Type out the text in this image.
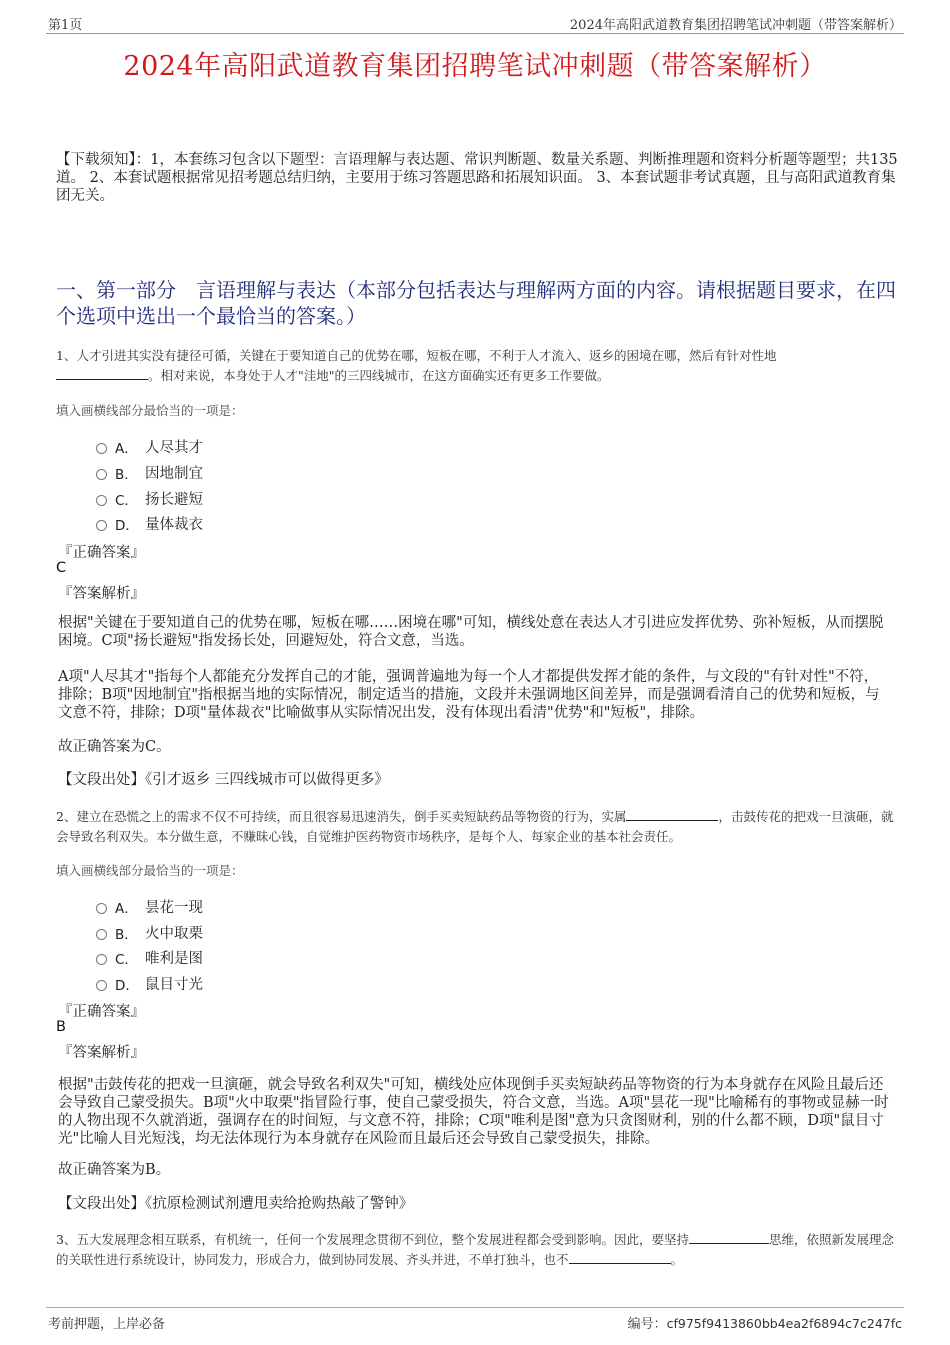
第1页	2024年高阳武道教育集团招聘笔试冲刺题（带答案解析）
2024年高阳武道教育集团招聘笔试冲刺题（带答案解析）
【下载须知】：1，本套练习包含以下题型：言语理解与表达题、常识判断题、数量关系题、判断推理题和资料分析题等题型；共135道。 2、本套试题根据常见招考题总结归纳，主要用于练习答题思路和拓展知识面。 3、本套试题非考试真题，且与高阳武道教育集团无关。
一、第一部分　言语理解与表达（本部分包括表达与理解两方面的内容。请根据题目要求，在四个选项中选出一个最恰当的答案。）
1、人才引进其实没有捷径可循，关键在于要知道自己的优势在哪，短板在哪，不利于人才流入、返乡的困境在哪，然后有针对性地
。相对来说，本身处于人才"洼地"的三四线城市，在这方面确实还有更多工作要做。
填入画横线部分最恰当的一项是：
A． 人尽其才
B． 因地制宜
C． 扬长避短
D． 量体裁衣
『正确答案』
C
『答案解析』
根据"关键在于要知道自己的优势在哪，短板在哪……困境在哪"可知，横线处意在表达人才引进应发挥优势、弥补短板，从而摆脱困境。C项"扬长避短"指发扬长处，回避短处，符合文意，当选。
A项"人尽其才"指每个人都能充分发挥自己的才能，强调普遍地为每一个人才都提供发挥才能的条件，与文段的"有针对性"不符，排除；B项"因地制宜"指根据当地的实际情况，制定适当的措施，文段并未强调地区间差异，而是强调看清自己的优势和短板，与文意不符，排除；D项"量体裁衣"比喻做事从实际情况出发，没有体现出看清"优势"和"短板"，排除。
故正确答案为C。
【文段出处】《引才返乡 三四线城市可以做得更多》
2、建立在恐慌之上的需求不仅不可持续，而且很容易迅速消失，倒手买卖短缺药品等物资的行为，实属	，击鼓传花的把戏一旦演砸，就会导致名利双失。本分做生意，不赚昧心钱，自觉维护医药物资市场秩序，是每个人、每家企业的基本社会责任。
填入画横线部分最恰当的一项是：
A． 昙花一现
B． 火中取栗
C． 唯利是图
D． 鼠目寸光
『正确答案』
B
『答案解析』
根据"击鼓传花的把戏一旦演砸，就会导致名利双失"可知，横线处应体现倒手买卖短缺药品等物资的行为本身就存在风险且最后还会导致自己蒙受损失。B项"火中取栗"指冒险行事，使自己蒙受损失，符合文意，当选。A项"昙花一现"比喻稀有的事物或显赫一时的人物出现不久就消逝，强调存在的时间短，与文意不符，排除；C项"唯利是图"意为只贪图财利，别的什么都不顾，D项"鼠目寸光"比喻人目光短浅，均无法体现行为本身就存在风险而且最后还会导致自己蒙受损失，排除。
故正确答案为B。
【文段出处】《抗原检测试剂遭甩卖给抢购热敲了警钟》
3、五大发展理念相互联系，有机统一，任何一个发展理念贯彻不到位，整个发展进程都会受到影响。因此，要坚持	思维，依照新发展理念的关联性进行系统设计，协同发力，形成合力，做到协同发展、齐头并进，不单打独斗，也不	。
考前押题，上岸必备	编号：cf975f9413860bb4ea2f6894c7c247fc
